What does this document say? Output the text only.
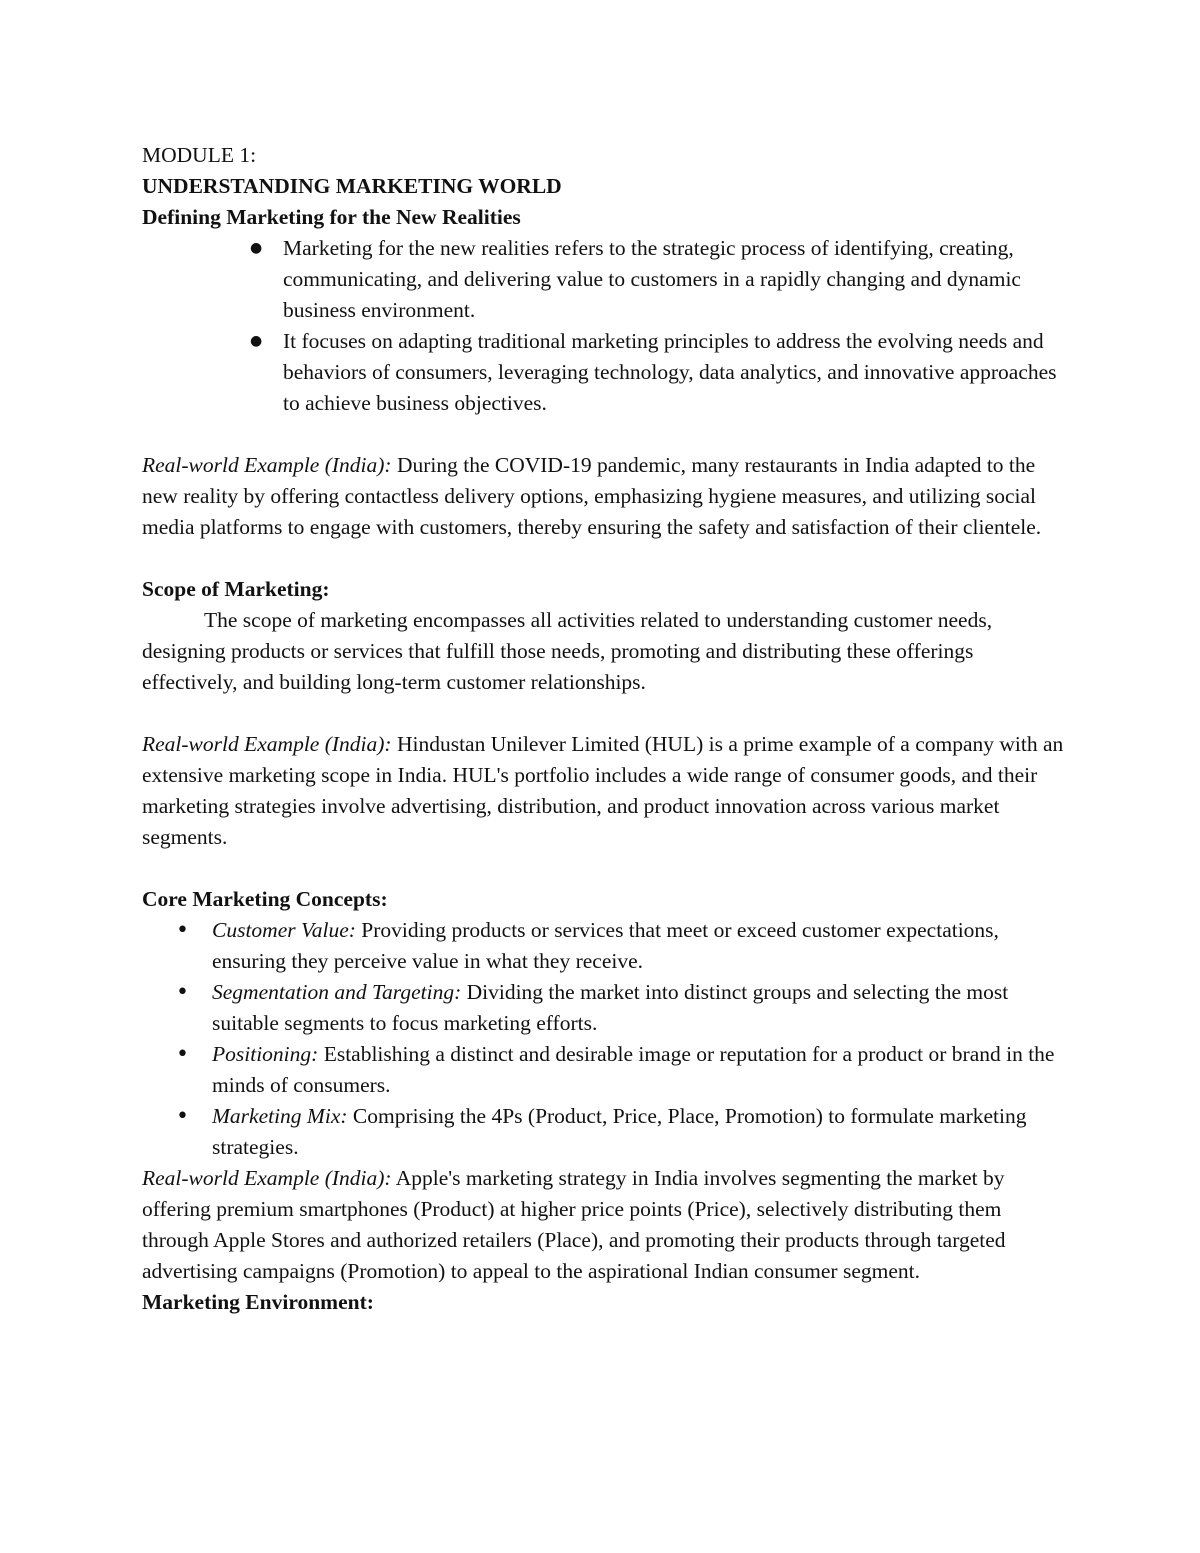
MODULE 1:

UNDERSTANDING MARKETING WORLD

Defining Marketing for the New Realities

● Marketing for the new realities refers to the strategic process of identifying, creating, communicating, and delivering value to customers in a rapidly changing and dynamic business environment.
● It focuses on adapting traditional marketing principles to address the evolving needs and behaviors of consumers, leveraging technology, data analytics, and innovative approaches to achieve business objectives.

Real-world Example (India): During the COVID-19 pandemic, many restaurants in India adapted to the new reality by offering contactless delivery options, emphasizing hygiene measures, and utilizing social media platforms to engage with customers, thereby ensuring the safety and satisfaction of their clientele.

Scope of Marketing:

The scope of marketing encompasses all activities related to understanding customer needs, designing products or services that fulfill those needs, promoting and distributing these offerings effectively, and building long-term customer relationships.

Real-world Example (India): Hindustan Unilever Limited (HUL) is a prime example of a company with an extensive marketing scope in India. HUL's portfolio includes a wide range of consumer goods, and their marketing strategies involve advertising, distribution, and product innovation across various market segments.

Core Marketing Concepts:

• Customer Value: Providing products or services that meet or exceed customer expectations, ensuring they perceive value in what they receive.
• Segmentation and Targeting: Dividing the market into distinct groups and selecting the most suitable segments to focus marketing efforts.
• Positioning: Establishing a distinct and desirable image or reputation for a product or brand in the minds of consumers.
• Marketing Mix: Comprising the 4Ps (Product, Price, Place, Promotion) to formulate marketing strategies.

Real-world Example (India): Apple's marketing strategy in India involves segmenting the market by offering premium smartphones (Product) at higher price points (Price), selectively distributing them through Apple Stores and authorized retailers (Place), and promoting their products through targeted advertising campaigns (Promotion) to appeal to the aspirational Indian consumer segment.

Marketing Environment:
